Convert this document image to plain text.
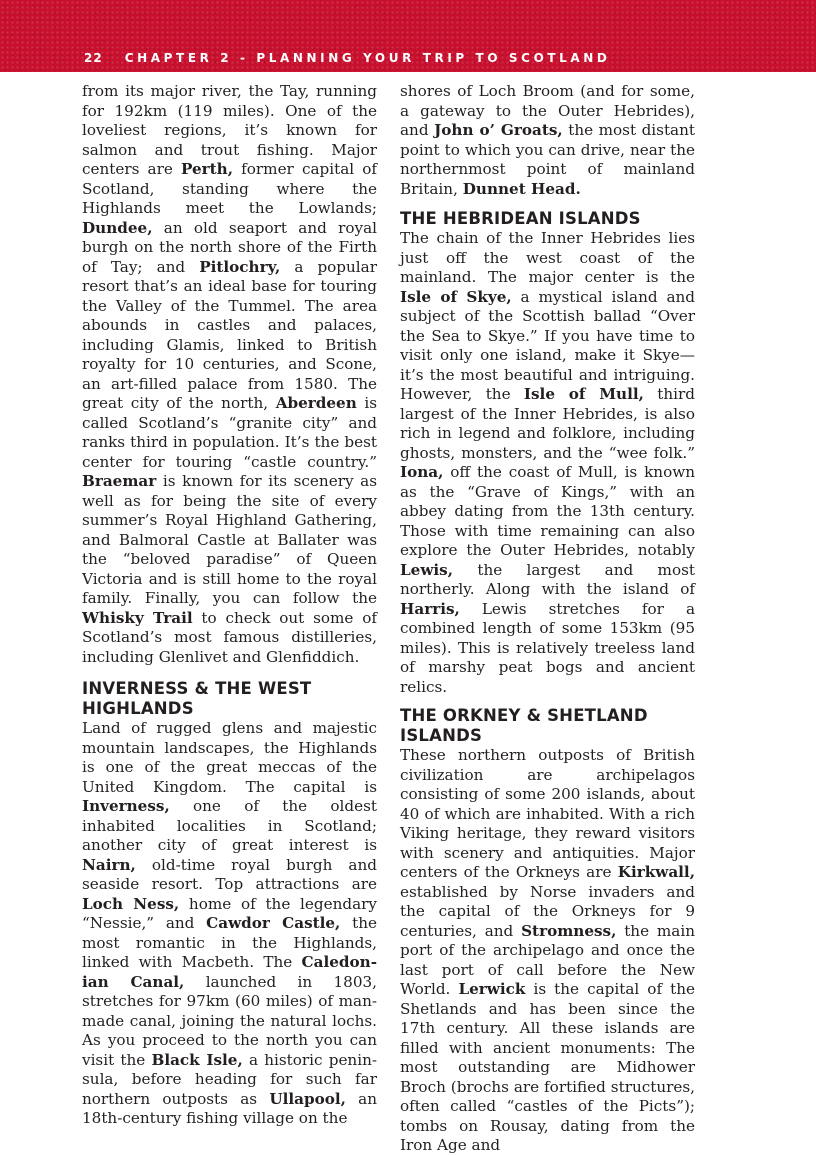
22 CHAPTER 2 - PLANNING YOUR TRIP TO SCOTLAND

from its major river, the Tay, running for 192km (119 miles). One of the loveliest regions, it’s known for salmon and trout fishing. Major centers are Perth, former capital of Scotland, standing where the Highlands meet the Lowlands; Dundee, an old seaport and royal burgh on the north shore of the Firth of Tay; and Pitlochry, a popular resort that’s an ideal base for touring the Valley of the Tummel. The area abounds in castles and palaces, including Glamis, linked to British royalty for 10 centuries, and Scone, an art-filled palace from 1580. The great city of the north, Aberdeen is called Scotland’s “granite city” and ranks third in population. It’s the best center for touring “castle country.” Braemar is known for its scenery as well as for being the site of every summer’s Royal Highland Gathering, and Balmoral Castle at Ballater was the “beloved paradise” of Queen Victoria and is still home to the royal family. Finally, you can follow the Whisky Trail to check out some of Scotland’s most famous distilleries, including Glenlivet and Glenfiddich.

INVERNESS & THE WEST HIGHLANDS

Land of rugged glens and majestic mountain landscapes, the Highlands is one of the great meccas of the United Kingdom. The capital is Inverness, one of the oldest inhabited localities in Scotland; another city of great interest is Nairn, old-time royal burgh and seaside resort. Top attractions are Loch Ness, home of the legendary “Nessie,” and Cawdor Castle, the most romantic in the Highlands, linked with Macbeth. The Caledonian Canal, launched in 1803, stretches for 97km (60 miles) of man-made canal, joining the natural lochs. As you proceed to the north you can visit the Black Isle, a historic peninsula, before heading for such far northern outposts as Ullapool, an 18th-century fishing village on the

shores of Loch Broom (and for some, a gateway to the Outer Hebrides), and John o’ Groats, the most distant point to which you can drive, near the northernmost point of mainland Britain, Dunnet Head.

THE HEBRIDEAN ISLANDS

The chain of the Inner Hebrides lies just off the west coast of the mainland. The major center is the Isle of Skye, a mystical island and subject of the Scottish ballad “Over the Sea to Skye.” If you have time to visit only one island, make it Skye—it’s the most beautiful and intriguing. However, the Isle of Mull, third largest of the Inner Hebrides, is also rich in legend and folklore, including ghosts, monsters, and the “wee folk.” Iona, off the coast of Mull, is known as the “Grave of Kings,” with an abbey dating from the 13th century. Those with time remaining can also explore the Outer Hebrides, notably Lewis, the largest and most northerly. Along with the island of Harris, Lewis stretches for a combined length of some 153km (95 miles). This is relatively treeless land of marshy peat bogs and ancient relics.

THE ORKNEY & SHETLAND ISLANDS

These northern outposts of British civilization are archipelagos consisting of some 200 islands, about 40 of which are inhabited. With a rich Viking heritage, they reward visitors with scenery and antiquities. Major centers of the Orkneys are Kirkwall, established by Norse invaders and the capital of the Orkneys for 9 centuries, and Stromness, the main port of the archipelago and once the last port of call before the New World. Lerwick is the capital of the Shetlands and has been since the 17th century. All these islands are filled with ancient monuments: The most outstanding are Midhower Broch (brochs are fortified structures, often called “castles of the Picts”); tombs on Rousay, dating from the Iron Age and
